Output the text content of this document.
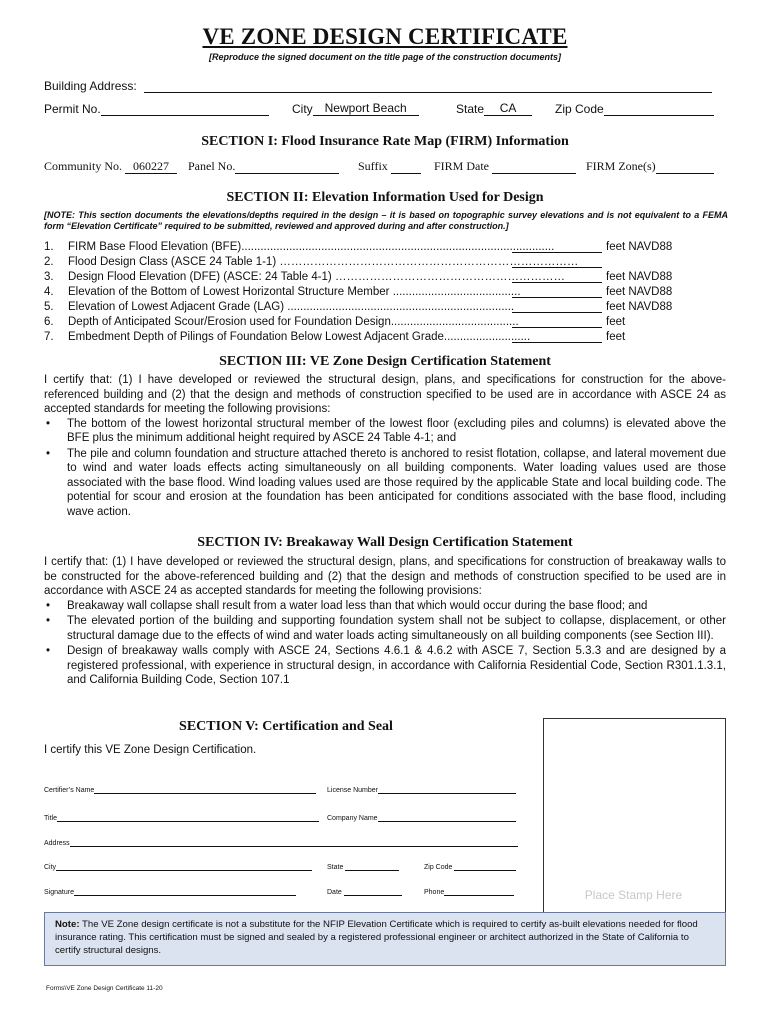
VE ZONE DESIGN CERTIFICATE
[Reproduce the signed document on the title page of the construction documents]
Building Address:
Permit No.	City Newport Beach	State CA	Zip Code
SECTION I: Flood Insurance Rate Map (FIRM) Information
Community No. 060227	Panel No.	Suffix	FIRM Date	FIRM Zone(s)
SECTION II: Elevation Information Used for Design
[NOTE: This section documents the elevations/depths required in the design – it is based on topographic survey elevations and is not equivalent to a FEMA form “Elevation Certificate” required to be submitted, reviewed and approved during and after construction.]
1. FIRM Base Flood Elevation (BFE)..................................................................................................	feet NAVD88
2. Flood Design Class (ASCE 24 Table 1-1) ……………………………………………………………………
3. Design Flood Elevation (DFE) (ASCE: 24 Table 4-1) ……………………………………………………	feet NAVD88
4. Elevation of the Bottom of Lowest Horizontal Structure Member ........................................	feet NAVD88
5. Elevation of Lowest Adjacent Grade (LAG) .......................................................................	feet NAVD88
6. Depth of Anticipated Scour/Erosion used for Foundation Design........................................	feet
7. Embedment Depth of Pilings of Foundation Below Lowest Adjacent Grade...........................	feet
SECTION III: VE Zone Design Certification Statement
I certify that: (1) I have developed or reviewed the structural design, plans, and specifications for construction for the above-referenced building and (2) that the design and methods of construction specified to be used are in accordance with ASCE 24 as accepted standards for meeting the following provisions:
• The bottom of the lowest horizontal structural member of the lowest floor (excluding piles and columns) is elevated above the BFE plus the minimum additional height required by ASCE 24 Table 4-1; and
• The pile and column foundation and structure attached thereto is anchored to resist flotation, collapse, and lateral movement due to wind and water loads effects acting simultaneously on all building components. Water loading values used are those associated with the base flood. Wind loading values used are those required by the applicable State and local building code. The potential for scour and erosion at the foundation has been anticipated for conditions associated with the base flood, including wave action.
SECTION IV: Breakaway Wall Design Certification Statement
I certify that: (1) I have developed or reviewed the structural design, plans, and specifications for construction of breakaway walls to be constructed for the above-referenced building and (2) that the design and methods of construction specified to be used are in accordance with ASCE 24 as accepted standards for meeting the following provisions:
• Breakaway wall collapse shall result from a water load less than that which would occur during the base flood; and
• The elevated portion of the building and supporting foundation system shall not be subject to collapse, displacement, or other structural damage due to the effects of wind and water loads acting simultaneously on all building components (see Section III).
• Design of breakaway walls comply with ASCE 24, Sections 4.6.1 & 4.6.2 with ASCE 7, Section 5.3.3 and are designed by a registered professional, with experience in structural design, in accordance with California Residential Code, Section R301.1.3.1, and California Building Code, Section 107.1
SECTION V: Certification and Seal
I certify this VE Zone Design Certification.
Certifier’s Name	License Number
Title	Company Name
Address
City	State	Zip Code
Signature	Date	Phone	Place Stamp Here
Note: The VE Zone design certificate is not a substitute for the NFIP Elevation Certificate which is required to certify as-built elevations needed for flood insurance rating. This certification must be signed and sealed by a registered professional engineer or architect authorized in the State of California to certify structural designs.
Forms\VE Zone Design Certificate 11-20
